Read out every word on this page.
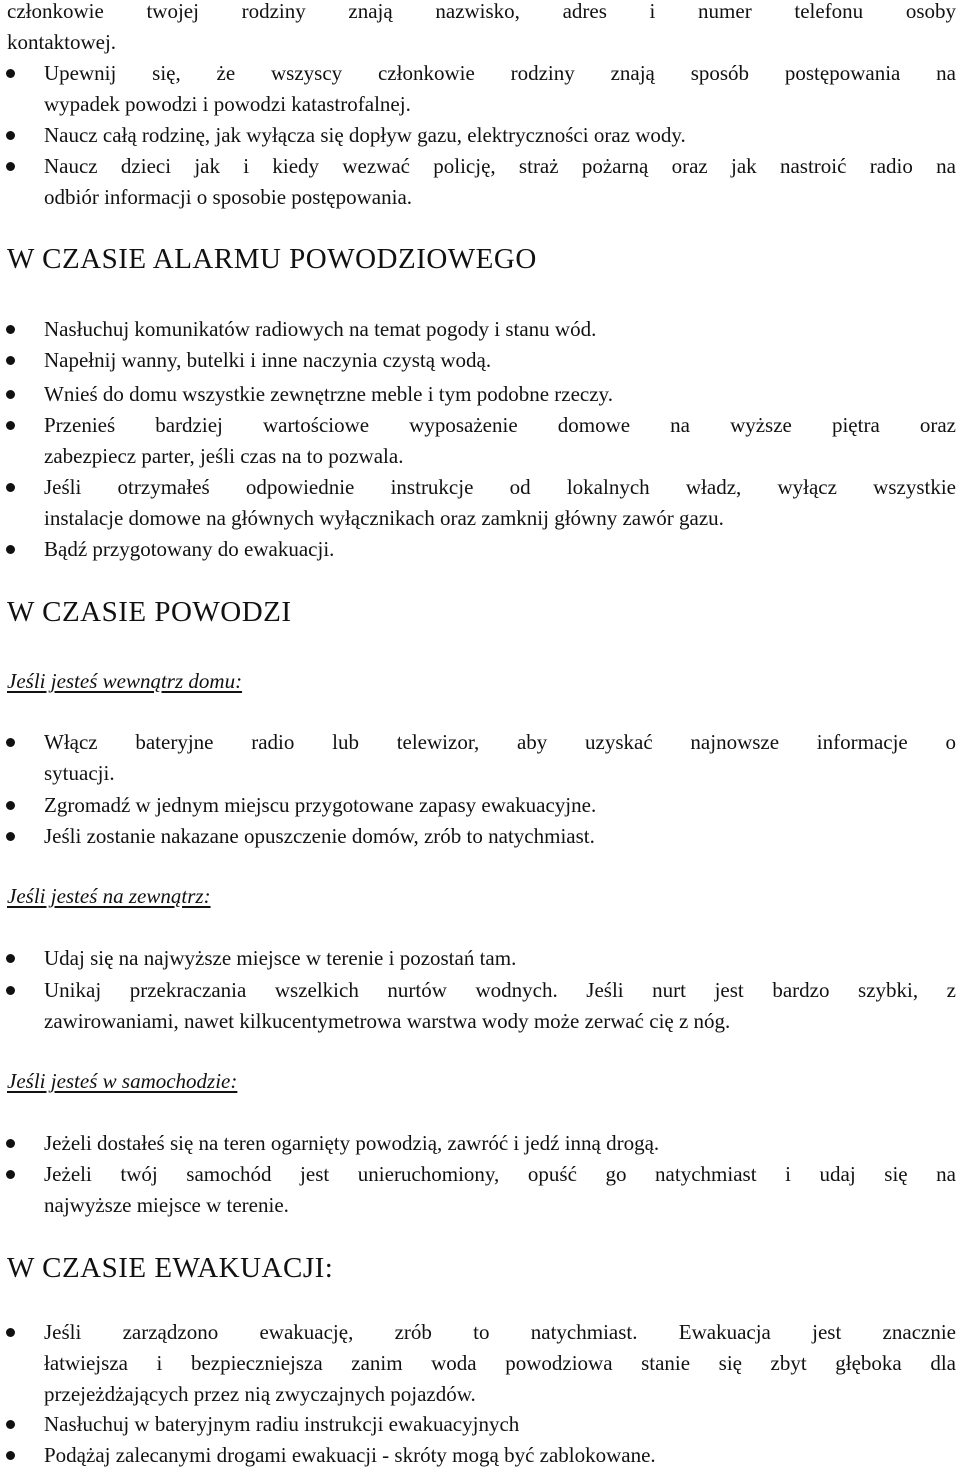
członkowie twojej rodziny znają nazwisko, adres i numer telefonu osoby
kontaktowej.
Upewnij się, że wszyscy członkowie rodziny znają sposób postępowania na
wypadek powodzi i powodzi katastrofalnej.
Naucz całą rodzinę, jak wyłącza się dopływ gazu, elektryczności oraz wody.
Naucz dzieci jak i kiedy wezwać policję, straż pożarną oraz jak nastroić radio na
odbiór informacji o sposobie postępowania.
W CZASIE ALARMU POWODZIOWEGO
Nasłuchuj komunikatów radiowych na temat pogody i stanu wód.
Napełnij wanny, butelki i inne naczynia czystą wodą.
Wnieś do domu wszystkie zewnętrzne meble i tym podobne rzeczy.
Przenieś bardziej wartościowe wyposażenie domowe na wyższe piętra oraz
zabezpiecz parter, jeśli czas na to pozwala.
Jeśli otrzymałeś odpowiednie instrukcje od lokalnych władz, wyłącz wszystkie
instalacje domowe na głównych wyłącznikach oraz zamknij główny zawór gazu.
Bądź przygotowany do ewakuacji.
W CZASIE POWODZI
Jeśli jesteś wewnątrz domu:
Włącz bateryjne radio lub telewizor, aby uzyskać najnowsze informacje o
sytuacji.
Zgromadź w jednym miejscu przygotowane zapasy ewakuacyjne.
Jeśli zostanie nakazane opuszczenie domów, zrób to natychmiast.
Jeśli jesteś na zewnątrz:
Udaj się na najwyższe miejsce w terenie i pozostań tam.
Unikaj przekraczania wszelkich nurtów wodnych. Jeśli nurt jest bardzo szybki, z
zawirowaniami, nawet kilkucentymetrowa warstwa wody może zerwać cię z nóg.
Jeśli jesteś w samochodzie:
Jeżeli dostałeś się na teren ogarnięty powodzią, zawróć i jedź inną drogą.
Jeżeli twój samochód jest unieruchomiony, opuść go natychmiast i udaj się na
najwyższe miejsce w terenie.
W CZASIE EWAKUACJI:
Jeśli zarządzono ewakuację, zrób to natychmiast. Ewakuacja jest znacznie
łatwiejsza i bezpieczniejsza zanim woda powodziowa stanie się zbyt głęboka dla
przejeżdżających przez nią zwyczajnych pojazdów.
Nasłuchuj w bateryjnym radiu instrukcji ewakuacyjnych
Podążaj zalecanymi drogami ewakuacji - skróty mogą być zablokowane.
